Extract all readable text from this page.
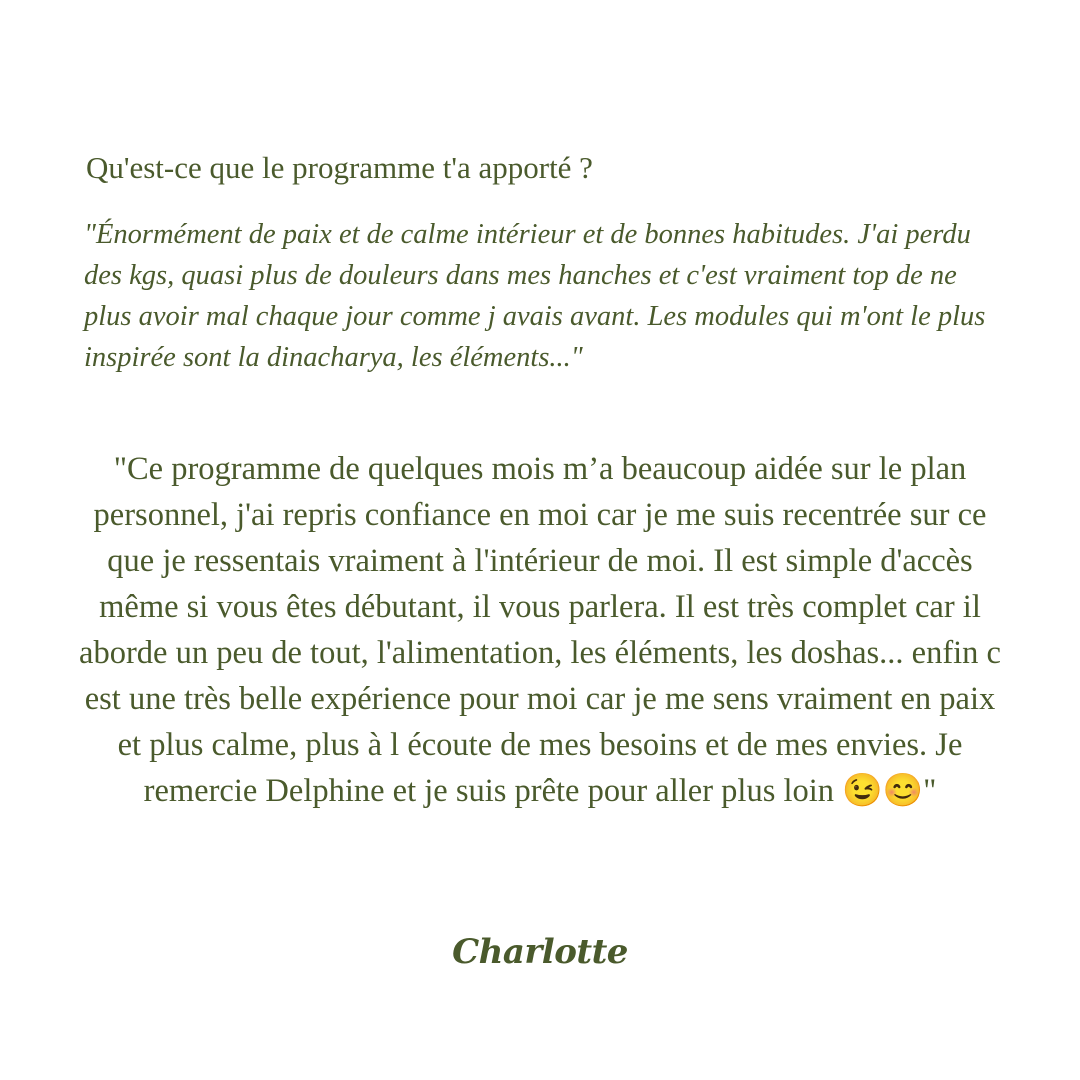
Qu'est-ce que le programme t'a apporté ?

"Énormément de paix et de calme intérieur et de bonnes habitudes. J'ai perdu des kgs, quasi plus de douleurs dans mes hanches et c'est vraiment top de ne plus avoir mal chaque jour comme j avais avant. Les modules qui m'ont le plus inspirée sont la dinacharya, les éléments..."

"Ce programme de quelques mois m’a beaucoup aidée sur le plan personnel, j'ai repris confiance en moi car je me suis recentrée sur ce que je ressentais vraiment à l'intérieur de moi. Il est simple d'accès même si vous êtes débutant, il vous parlera. Il est très complet car il aborde un peu de tout, l'alimentation, les éléments, les doshas... enfin c est une très belle expérience pour moi car je me sens vraiment en paix et plus calme, plus à l écoute de mes besoins et de mes envies. Je remercie Delphine et je suis prête pour aller plus loin 😉😊"

Charlotte
